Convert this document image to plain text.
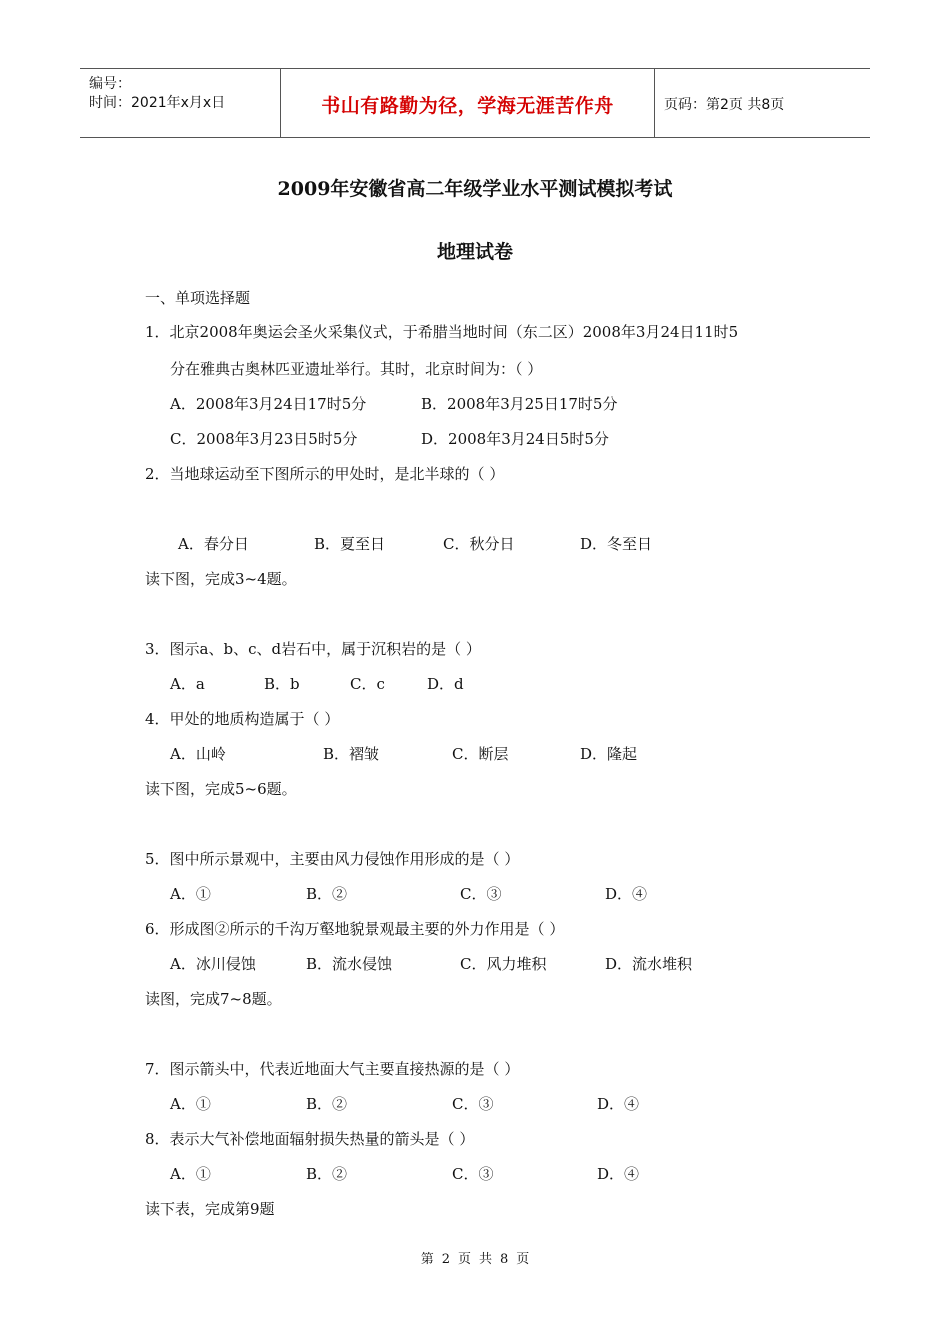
编号：
时间：2021年x月x日	书山有路勤为径，学海无涯苦作舟	页码：第2页 共8页
2009年安徽省高二年级学业水平测试模拟考试
地理试卷
一、单项选择题
1．北京2008年奥运会圣火采集仪式，于希腊当地时间（东二区）2008年3月24日11时5
分在雅典古奥林匹亚遗址举行。其时，北京时间为：（ ）
A．2008年3月24日17时5分	B．2008年3月25日17时5分
C．2008年3月23日5时5分	D．2008年3月24日5时5分
2．当地球运动至下图所示的甲处时，是北半球的（ ）
A．春分日	B．夏至日	C．秋分日	D．冬至日
读下图，完成3~4题。
3．图示a、b、c、d岩石中，属于沉积岩的是（ ）
A．a	B．b	C．c	D．d
4．甲处的地质构造属于（ ）
A．山岭	B．褶皱	C．断层	D．隆起
读下图，完成5~6题。
5．图中所示景观中，主要由风力侵蚀作用形成的是（ ）
A．①	B．②	C．③	D．④
6．形成图②所示的千沟万壑地貌景观最主要的外力作用是（ ）
A．冰川侵蚀	B．流水侵蚀	C．风力堆积	D．流水堆积
读图，完成7~8题。
7．图示箭头中，代表近地面大气主要直接热源的是（ ）
A．①	B．②	C．③	D．④
8．表示大气补偿地面辐射损失热量的箭头是（ ）
A．①	B．②	C．③	D．④
读下表，完成第9题
第 2 页 共 8 页
